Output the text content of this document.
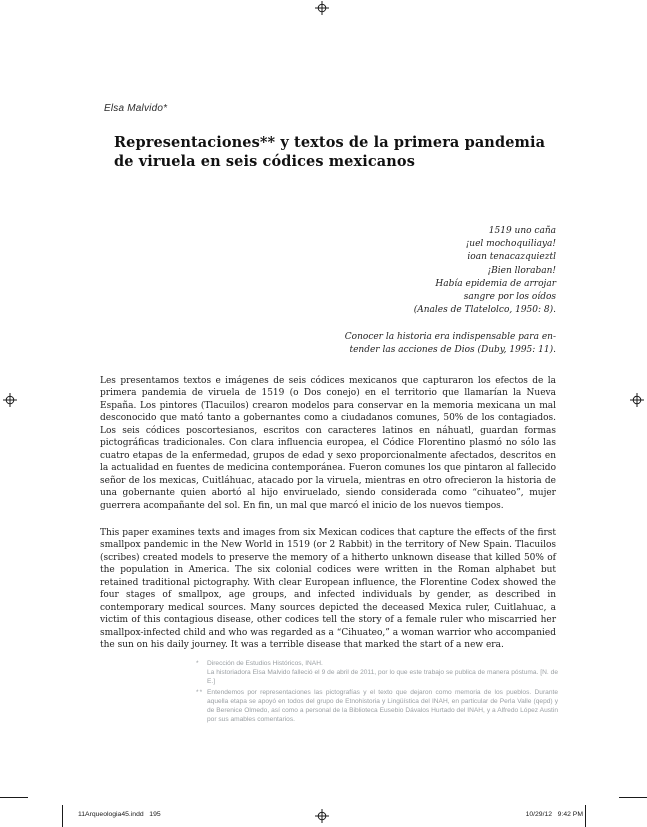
Elsa Malvido*
Representaciones** y textos de la primera pandemia
de viruela en seis códices mexicanos
1519 uno caña
¡uel mochoquiliaya!
ioan tenacazquieztl
¡Bien lloraban!
Había epidemia de arrojar
sangre por los oídos
(Anales de Tlatelolco, 1950: 8).
Conocer la historia era indispensable para en-
tender las acciones de Dios (Duby, 1995: 11).

Les presentamos textos e imágenes de seis códices mexicanos que capturaron los efectos de la primera pandemia de viruela de 1519 (o Dos conejo) en el territorio que llamarían la Nueva España. Los pintores (Tlacuilos) crearon modelos para conservar en la memoria mexicana un mal desconocido que mató tanto a gobernantes como a ciudadanos comunes, 50% de los contagiados. Los seis códices poscortesianos, escritos con caracteres latinos en náhuatl, guardan formas pictográficas tradicionales. Con clara influencia europea, el Códice Florentino plasmó no sólo las cuatro etapas de la enfermedad, grupos de edad y sexo proporcionalmente afectados, descritos en la actualidad en fuentes de medicina contemporánea. Fueron comunes los que pintaron al fallecido señor de los mexicas, Cuitláhuac, atacado por la viruela, mientras en otro ofrecieron la historia de una gobernante quien abortó al hijo enviruelado, siendo considerada como “cihuateo”, mujer guerrera acompañante del sol. En fin, un mal que marcó el inicio de los nuevos tiempos.

This paper examines texts and images from six Mexican codices that capture the effects of the first smallpox pandemic in the New World in 1519 (or 2 Rabbit) in the territory of New Spain. Tlacuilos (scribes) created models to preserve the memory of a hitherto unknown disease that killed 50% of the population in America. The six colonial codices were written in the Roman alphabet but retained traditional pictography. With clear European influence, the Florentine Codex showed the four stages of smallpox, age groups, and infected individuals by gender, as described in contemporary medical sources. Many sources depicted the deceased Mexica ruler, Cuitlahuac, a victim of this contagious disease, other codices tell the story of a female ruler who miscarried her smallpox-infected child and who was regarded as a “Cihuateo,” a woman warrior who accompanied the sun on his daily journey. It was a terrible disease that marked the start of a new era.

*	Dirección de Estudios Históricos, INAH.
La historiadora Elsa Malvido falleció el 9 de abril de 2011, por lo que este trabajo se publica de manera póstuma. [N. de E.]
** Entendemos por representaciones las pictografías y el texto que dejaron como memoria de los pueblos. Durante aquella etapa se apoyó en todos del grupo de Etnohistoria y Lingüística del INAH, en particular de Perla Valle (qepd) y de Berenice Olmedo, así como a personal de la Biblioteca Eusebio Dávalos Hurtado del INAH, y a Alfredo López Austin por sus amables comentarios.
11Arqueologia45.indd   195	10/29/12   9:42 PM
